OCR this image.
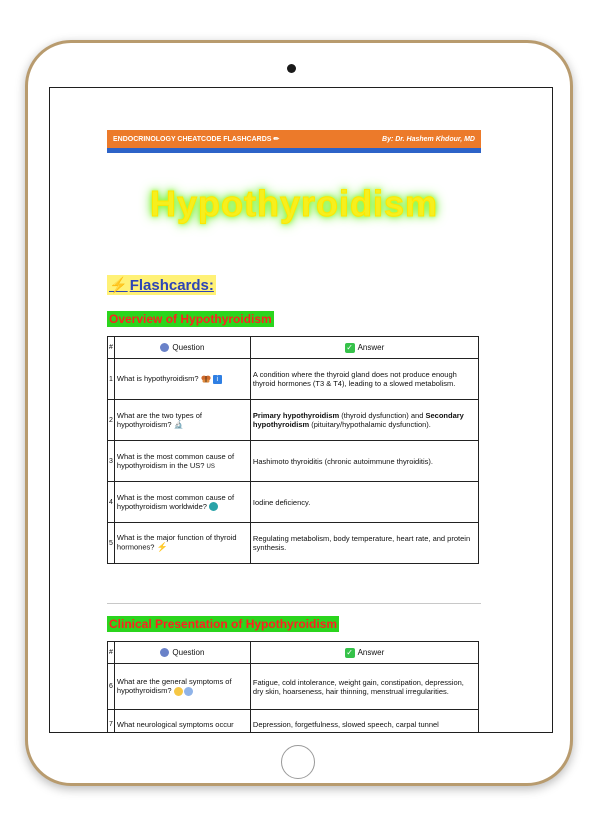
ENDOCRINOLOGY CHEATCODE FLASHCARDS ✏	By: Dr. Hashem Khdour, MD
Hypothyroidism
⚡ Flashcards:
Overview of Hypothyroidism
#	Question	✓ Answer
1	What is hypothyroidism? i	A condition where the thyroid gland does not produce enough thyroid hormones (T3 & T4), leading to a slowed metabolism.
2	What are the two types of hypothyroidism? 🔬	Primary hypothyroidism (thyroid dysfunction) and Secondary hypothyroidism (pituitary/hypothalamic dysfunction).
3	What is the most common cause of hypothyroidism in the US? US	Hashimoto thyroiditis (chronic autoimmune thyroiditis).
4	What is the most common cause of hypothyroidism worldwide?	Iodine deficiency.
5	What is the major function of thyroid hormones? ⚡	Regulating metabolism, body temperature, heart rate, and protein synthesis.
Clinical Presentation of Hypothyroidism
#	Question	✓ Answer
6	What are the general symptoms of hypothyroidism?	Fatigue, cold intolerance, weight gain, constipation, depression, dry skin, hoarseness, hair thinning, menstrual irregularities.
7	What neurological symptoms occur	Depression, forgetfulness, slowed speech, carpal tunnel
